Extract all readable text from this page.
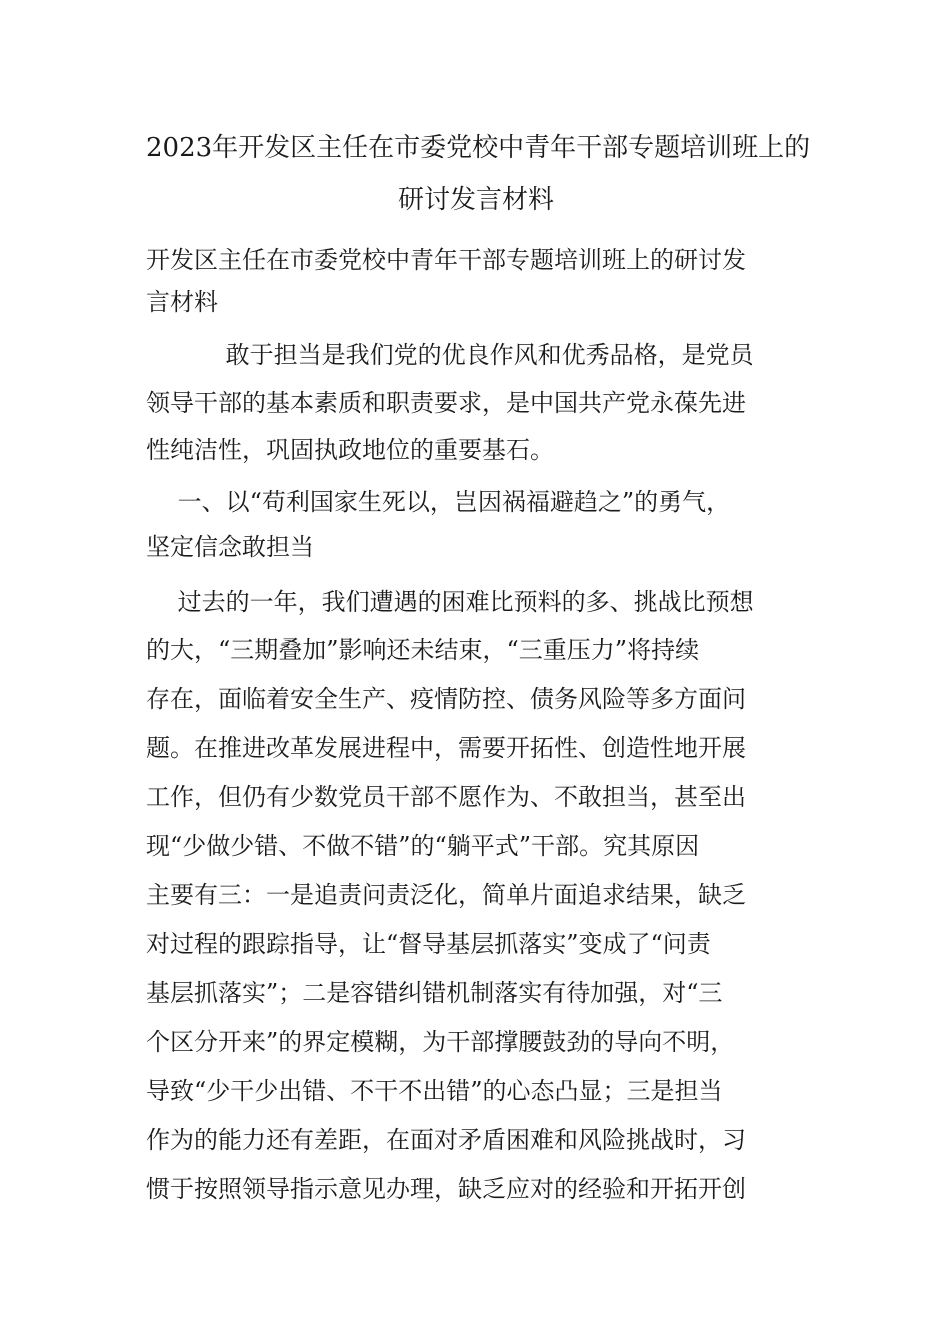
2023年开发区主任在市委党校中青年干部专题培训班上的
研讨发言材料

开发区主任在市委党校中青年干部专题培训班上的研讨发

言材料

　　　 敢于担当是我们党的优良作风和优秀品格，是党员

领导干部的基本素质和职责要求，是中国共产党永葆先进

性纯洁性，巩固执政地位的重要基石。

　 一、以“苟利国家生死以，岂因祸福避趋之”的勇气，

坚定信念敢担当

　 过去的一年，我们遭遇的困难比预料的多、挑战比预想

的大，“三期叠加”影响还未结束，“三重压力”将持续

存在，面临着安全生产、疫情防控、债务风险等多方面问

题。在推进改革发展进程中，需要开拓性、创造性地开展

工作，但仍有少数党员干部不愿作为、不敢担当，甚至出

现“少做少错、不做不错”的“躺平式”干部。究其原因

主要有三：一是追责问责泛化，简单片面追求结果，缺乏

对过程的跟踪指导，让“督导基层抓落实”变成了“问责

基层抓落实”；二是容错纠错机制落实有待加强，对“三

个区分开来”的界定模糊，为干部撑腰鼓劲的导向不明，

导致“少干少出错、不干不出错”的心态凸显；三是担当

作为的能力还有差距，在面对矛盾困难和风险挑战时，习

惯于按照领导指示意见办理，缺乏应对的经验和开拓开创
